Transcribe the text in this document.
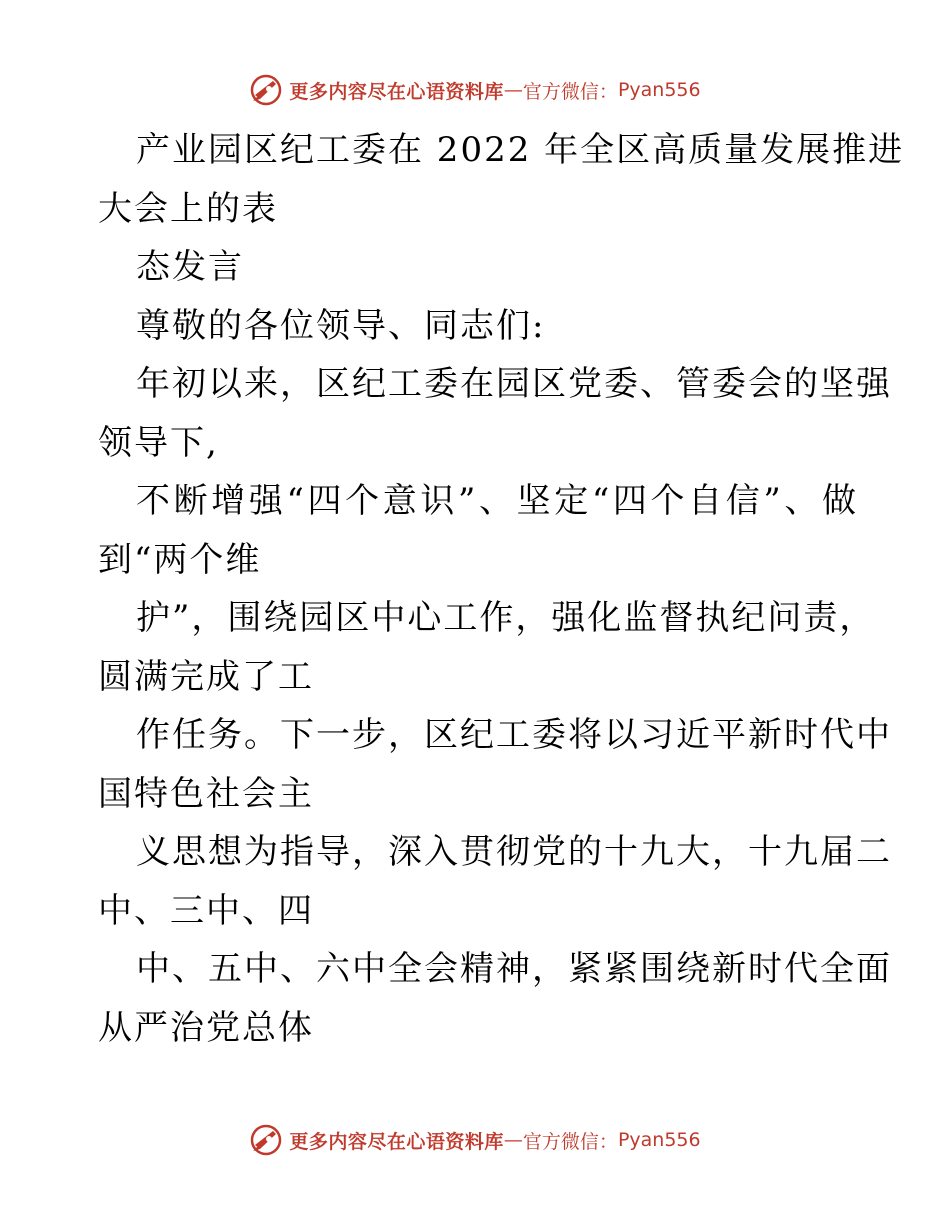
更多内容尽在心语资料库 — 官方微信： Pyan556
产业园区纪工委在 2022 年全区高质量发展推进
大会上的表
态发言
尊敬的各位领导、同志们:
年初以来，区纪工委在园区党委、管委会的坚强
领导下,
不断增强“四个意识”、坚定“四个自信”、做
到“两个维
护”，围绕园区中心工作，强化监督执纪问责，
圆满完成了工
作任务。下一步，区纪工委将以习近平新时代中
国特色社会主
义思想为指导，深入贯彻党的十九大，十九届二
中、三中、四
中、五中、六中全会精神，紧紧围绕新时代全面
从严治党总体
更多内容尽在心语资料库 — 官方微信： Pyan556
